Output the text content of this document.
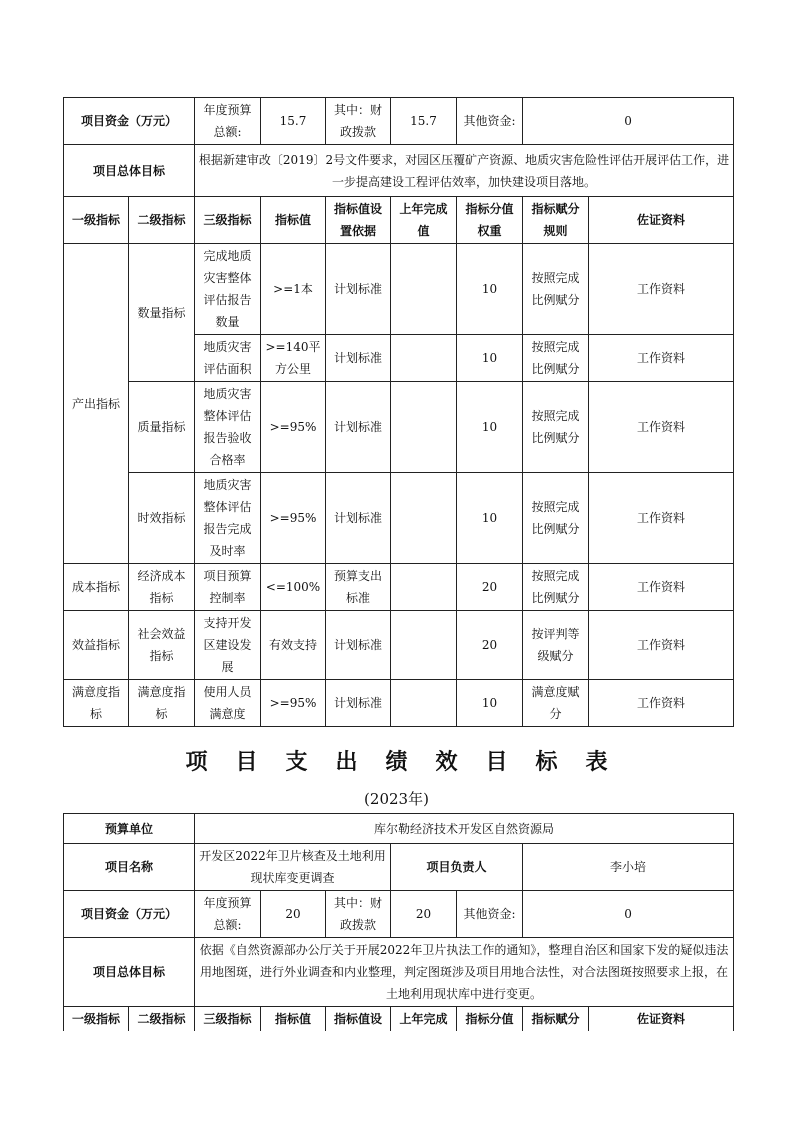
项目资金（万元）		年度预算总额:	15.7	其中：财政拨款	15.7	其他资金:	0	
项目总体目标		根据新建审改〔2019〕2号文件要求，对园区压覆矿产资源、地质灾害危险性评估开展评估工作，进一步提高建设工程评估效率，加快建设项目落地。						
一级指标	二级指标	三级指标	指标值	指标值设置依据	上年完成值	指标分值权重	指标赋分规则	佐证资料
产出指标	数量指标	完成地质灾害整体评估报告数量	>=1本	计划标准		10	按照完成比例赋分	工作资料
		地质灾害评估面积	>=140平方公里	计划标准		10	按照完成比例赋分	工作资料
	质量指标	地质灾害整体评估报告验收合格率	>=95%	计划标准		10	按照完成比例赋分	工作资料
	时效指标	地质灾害整体评估报告完成及时率	>=95%	计划标准		10	按照完成比例赋分	工作资料
成本指标	经济成本指标	项目预算控制率	<=100%	预算支出标准		20	按照完成比例赋分	工作资料
效益指标	社会效益指标	支持开发区建设发展	有效支持	计划标准		20	按评判等级赋分	工作资料
满意度指标	满意度指标	使用人员满意度	>=95%	计划标准		10	满意度赋分	工作资料
项目支出绩效目标表
(2023年)
预算单位		库尔勒经济技术开发区自然资源局						
项目名称		开发区2022年卫片核查及土地利用现状库变更调查			项目负责人		李小培	
项目资金（万元）		年度预算总额:	20	其中：财政拨款	20	其他资金:	0	
项目总体目标		依据《自然资源部办公厅关于开展2022年卫片执法工作的通知》，整理自治区和国家下发的疑似违法用地图斑，进行外业调查和内业整理，判定图斑涉及项目用地合法性，对合法图斑按照要求上报，在土地利用现状库中进行变更。						
一级指标	二级指标	三级指标	指标值	指标值设	上年完成	指标分值	指标赋分	佐证资料
